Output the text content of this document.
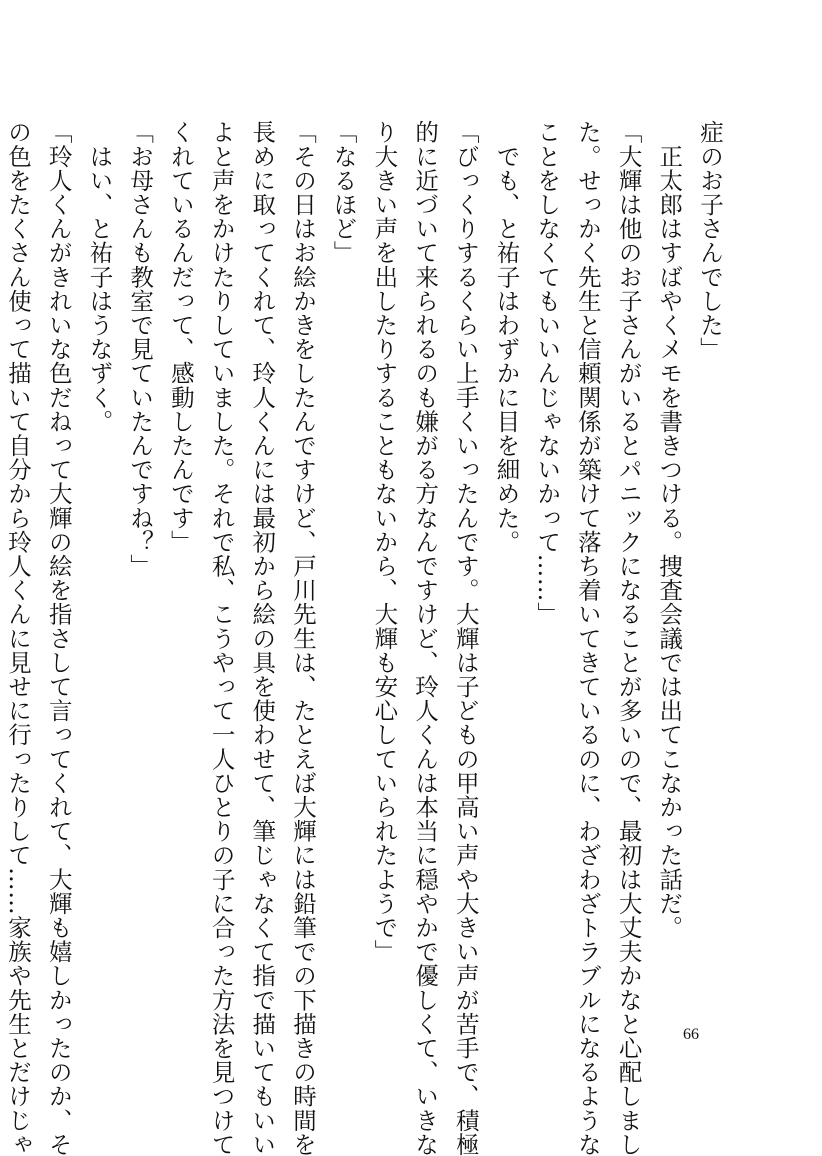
症のお子さんでした」
　正太郎はすばやくメモを書きつける。捜査会議では出てこなかった話だ。
「大輝は他のお子さんがいるとパニックになることが多いので、最初は大丈夫かなと心配しまし
た。せっかく先生と信頼関係が築けて落ち着いてきているのに、わざわざトラブルになるような
ことをしなくてもいいんじゃないかって……」
　でも、と祐子はわずかに目を細めた。
「びっくりするくらい上手くいったんです。大輝は子どもの甲高い声や大きい声が苦手で、積極
的に近づいて来られるのも嫌がる方なんですけど、玲人くんは本当に穏やかで優しくて、いきな
り大きい声を出したりすることもないから、大輝も安心していられたようで」
「なるほど」
「その日はお絵かきをしたんですけど、戸川先生は、たとえば大輝には鉛筆での下描きの時間を
長めに取ってくれて、玲人くんには最初から絵の具を使わせて、筆じゃなくて指で描いてもいい
よと声をかけたりしていました。それで私、こうやって一人ひとりの子に合った方法を見つけて
くれているんだって、感動したんです」
「お母さんも教室で見ていたんですね？」
　はい、と祐子はうなずく。
「玲人くんがきれいな色だねって大輝の絵を指さして言ってくれて、大輝も嬉しかったのか、そ
の色をたくさん使って描いて自分から玲人くんに見せに行ったりして……家族や先生とだけじゃ	66
